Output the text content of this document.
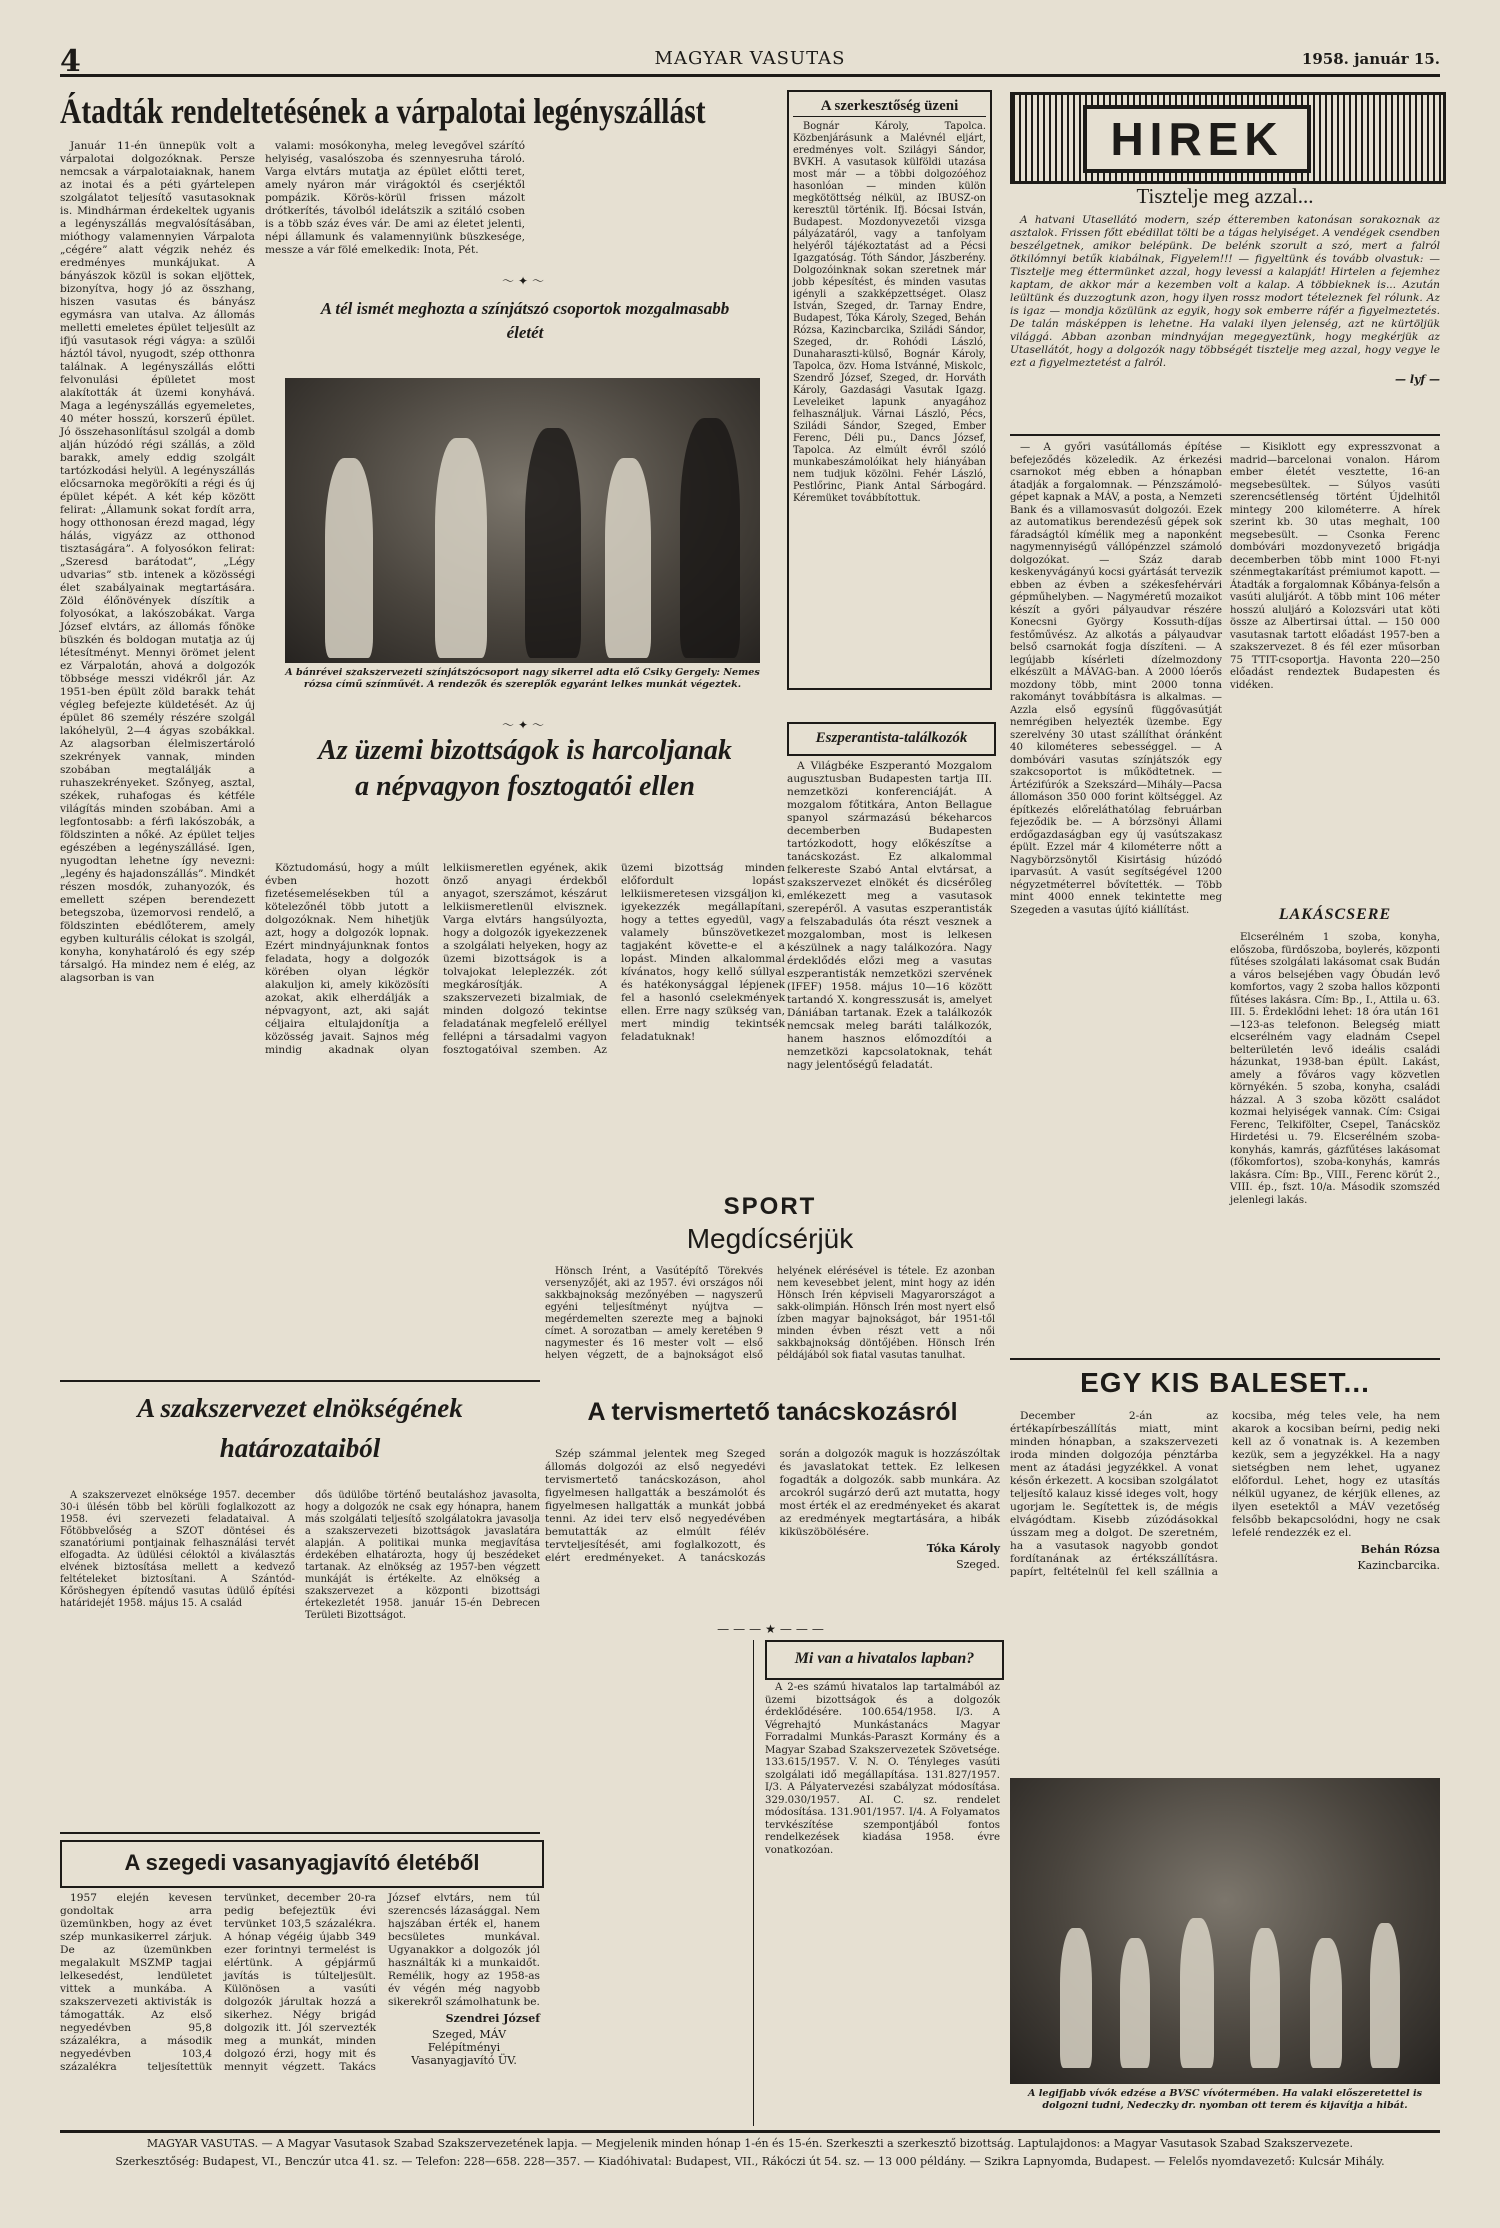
4	MAGYAR VASUTAS	1958. január 15.

Átadták rendeltetésének a várpalotai legényszállást

Január 11-én ünnepük volt a várpalotai dolgozóknak. Persze nemcsak a várpalotaiaknak, hanem az inotai és a péti gyártelepen szolgálatot teljesítő vasutasoknak is. Mindhárman érdekeltek ugyanis a legényszállás megvalósításában, mióthogy valamennyien Várpalota „cégére” alatt végzik nehéz és eredményes munkájukat. A bányászok közül is sokan eljöttek, bizonyítva, hogy jó az összhang, hiszen vasutas és bányász egymásra van utalva. Az állomás melletti emeletes épület teljesült az ifjú vasutasok régi vágya: a szülői háztól távol, nyugodt, szép otthonra találnak. A legényszállás előtti felvonulási épületet most alakították át üzemi konyhává. Maga a legényszállás egyemeletes, 40 méter hosszú, korszerű épület. Jó összehasonlításul szolgál a domb alján húzódó régi szállás, a zöld barakk, amely eddig szolgált tartózkodási helyül. A legényszállás előcsarnoka megörökíti a régi és új épület képét. A két kép között felirat: „Államunk sokat fordít arra, hogy otthonosan érezd magad, légy hálás, vigyázz az otthonod tisztaságára”. A folyosókon felirat: „Szeresd barátodat”, „Légy udvarias” stb. intenek a közösségi élet szabályainak megtartására. Zöld élőnövények díszítik a folyosókat, a lakószobákat. Varga József elvtárs, az állomás főnöke büszkén és boldogan mutatja az új létesítményt. Mennyi örömet jelent ez Várpalotán, ahová a dolgozók többsége messzi vidékről jár. Az 1951-ben épült zöld barakk tehát végleg befejezte küldetését. Az új épület 86 személy részére szolgál lakóhelyül, 2—4 ágyas szobákkal. Az alagsorban élelmiszertároló szekrények vannak, minden szobában megtalálják a ruhaszekrényeket. Szőnyeg, asztal, székek, ruhafogas és kétféle világítás minden szobában. Ami a legfontosabb: a férfi lakószobák, a földszinten a nőké. Az épület teljes egészében a legényszállásé. Igen, nyugodtan lehetne így nevezni: „legény és hajadonszállás”. Mindkét részen mosdók, zuhanyozók, és emellett szépen berendezett betegszoba, üzemorvosi rendelő, a földszinten ebédlőterem, amely egyben kulturális célokat is szolgál, konyha, konyhatároló és egy szép társalgó. Ha mindez nem é elég, az alagsorban is van

valami: mosókonyha, meleg levegővel szárító helyiség, vasalószoba és szennyesruha tároló. Varga elvtárs mutatja az épület előtti teret, amely nyáron már virágoktól és cserjéktől pompázik. Körös-körül frissen mázolt drótkerítés, távolból idelátszik a szitáló csoben is a több száz éves vár. De ami az életet jelenti, népi államunk és valamennyiünk büszkesége, messze a vár fölé emelkedik: Inota, Pét.

〜✦〜

A tél ismét meghozta a színjátszó csoportok mozgalmasabb életét

A bánrévei szakszervezeti színjátszócsoport nagy sikerrel adta elő Csiky Gergely: Nemes rózsa című színművét. A rendezők és szereplők egyaránt lelkes munkát végeztek.

〜✦〜

Az üzemi bizottságok is harcoljanak

a népvagyon fosztogatói ellen

Köztudomású, hogy a múlt évben hozott fizetésemelésekben túl a kötelezőnél több jutott a dolgozóknak. Nem hihetjük azt, hogy a dolgozók lopnak. Ezért mindnyájunknak fontos feladata, hogy a dolgozók körében olyan légkör alakuljon ki, amely kiközösíti azokat, akik elherdálják a népvagyont, azt, aki saját céljaira eltulajdonítja a közösség javait. Sajnos még mindig akadnak olyan lelkiismeretlen egyének, akik önző anyagi érdekből anyagot, szerszámot, készárut lelkiismeretlenül elvisznek. Varga elvtárs hangsúlyozta, hogy a dolgozók igyekezzenek a szolgálati helyeken, hogy az üzemi bizottságok is a tolvajokat leleplezzék. zót megkárosítják. A szakszervezeti bizalmiak, de minden dolgozó tekintse feladatának megfelelő eréllyel fellépni a társadalmi vagyon fosztogatóival szemben. Az üzemi bizottság minden előfordult lopást lelkiismeretesen vizsgáljon ki, igyekezzék megállapítani, hogy a tettes egyedül, vagy valamely bűnszövetkezet tagjaként követte-e el a lopást. Minden alkalommal kívánatos, hogy kellő súllyal és hatékonysággal lépjenek fel a hasonló cselekmények ellen. Erre nagy szükség van, mert mindig tekintsék feladatuknak!

A szerkesztőség üzeni

Bognár Károly, Tapolca. Közbenjárásunk a Malévnél eljárt, eredményes volt. Szilágyi Sándor, BVKH. A vasutasok külföldi utazása most már — a többi dolgozóéhoz hasonlóan — minden külön megkötöttség nélkül, az IBUSZ-on keresztül történik. Ifj. Bócsai István, Budapest. Mozdonyvezetői vizsga pályázatáról, vagy a tanfolyam helyéről tájékoztatást ad a Pécsi Igazgatóság. Tóth Sándor, Jászberény. Dolgozóinknak sokan szeretnek már jobb képesítést, és minden vasutas igényli a szakképzettséget. Olasz István, Szeged, dr. Tarnay Endre, Budapest, Tóka Károly, Szeged, Behán Rózsa, Kazincbarcika, Sziládi Sándor, Szeged, dr. Rohódi László, Dunaharaszti-külső, Bognár Károly, Tapolca, özv. Homa Istvánné, Miskolc, Szendrő József, Szeged, dr. Horváth Károly, Gazdasági Vasutak Igazg. Leveleiket lapunk anyagához felhasználjuk. Várnai László, Pécs, Sziládi Sándor, Szeged, Ember Ferenc, Déli pu., Dancs József, Tapolca. Az elmúlt évről szóló munkabeszámolóikat hely hiányában nem tudjuk közölni. Fehér László, Pestlőrinc, Piank Antal Sárbogárd. Kéremüket továbbítottuk.

Eszperantista-találkozók

A Világbéke Eszperantó Mozgalom augusztusban Budapesten tartja III. nemzetközi konferenciáját. A mozgalom főtitkára, Anton Bellague spanyol származású békeharcos decemberben Budapesten tartózkodott, hogy előkészítse a tanácskozást. Ez alkalommal felkereste Szabó Antal elvtársat, a szakszervezet elnökét és dicsérőleg emlékezett meg a vasutasok szerepéről. A vasutas eszperantisták a felszabadulás óta részt vesznek a mozgalomban, most is lelkesen készülnek a nagy találkozóra. Nagy érdeklődés előzi meg a vasutas eszperantisták nemzetközi szervének (IFEF) 1958. május 10—16 között tartandó X. kongresszusát is, amelyet Dániában tartanak. Ezek a találkozók nemcsak meleg baráti találkozók, hanem hasznos előmozdítói a nemzetközi kapcsolatoknak, tehát nagy jelentőségű feladatát.

SPORT

Megdícsérjük

Hönsch Irént, a Vasútépítő Törekvés versenyzőjét, aki az 1957. évi országos női sakkbajnokság mezőnyében — nagyszerű egyéni teljesítményt nyújtva — megérdemelten szerezte meg a bajnoki címet. A sorozatban — amely keretében 9 nagymester és 16 mester volt — első helyen végzett, de a bajnokságot első helyének elérésével is tétele. Ez azonban nem kevesebbet jelent, mint hogy az idén Hönsch Irén képviseli Magyarországot a sakk-olimpián. Hönsch Irén most nyert első ízben magyar bajnokságot, bár 1951-től minden évben részt vett a női sakkbajnokság döntőjében. Hönsch Irén példájából sok fiatal vasutas tanulhat.

HIREK

Tisztelje meg azzal...

A hatvani Utasellátó modern, szép étteremben katonásan sorakoznak az asztalok. Frissen főtt ebédillat tölti be a tágas helyiséget. A vendégek csendben beszélgetnek, amikor belépünk. De belénk szorult a szó, mert a falról ötkilómnyi betűk kiabálnak, Figyelem!!! — figyeltünk és tovább olvastuk: — Tisztelje meg éttermünket azzal, hogy levessi a kalapját! Hirtelen a fejemhez kaptam, de akkor már a kezemben volt a kalap. A többieknek is... Azután leültünk és duzzogtunk azon, hogy ilyen rossz modort tételeznek fel rólunk. Az is igaz — mondja közülünk az egyik, hogy sok emberre ráfér a figyelmeztetés. De talán másképpen is lehetne. Ha valaki ilyen jelenség, azt ne kürtöljük világgá. Abban azonban mindnyájan megegyeztünk, hogy megkérjük az Utasellátót, hogy a dolgozók nagy többségét tisztelje meg azzal, hogy vegye le ezt a figyelmeztetést a falról.

— lyf —

— A győri vasútállomás építése befejeződés közeledik. Az érkezési csarnokot még ebben a hónapban átadják a forgalomnak. — Pénzszámoló-gépet kapnak a MÁV, a posta, a Nemzeti Bank és a villamosvasút dolgozói. Ezek az automatikus berendezésű gépek sok fáradságtól kímélik meg a naponként nagymennyiségű vállópénzzel számoló dolgozókat. — Száz darab keskenyvágányú kocsi gyártását tervezik ebben az évben a székesfehérvári gépműhelyben. — Nagyméretű mozaikot készít a győri pályaudvar részére Konecsni György Kossuth-díjas festőművész. Az alkotás a pályaudvar belső csarnokát fogja díszíteni. — A legújabb kísérleti dízelmozdony elkészült a MÁVAG-ban. A 2000 lóerős mozdony több, mint 2000 tonna rakományt továbbításra is alkalmas. — Azzla első egysínű függővasútját nemrégiben helyezték üzembe. Egy szerelvény 30 utast szállíthat óránként 40 kilométeres sebességgel. — A dombóvári vasutas színjátszók egy szakcsoportot is működtetnek. — Ártézifúrók a Szekszárd—Mihály—Pacsa állomáson 350 000 forint költséggel. Az építkezés előreláthatólag februárban fejeződik be. — A bórzsönyi Állami erdőgazdaságban egy új vasútszakasz épült. Ezzel már 4 kilométerre nőtt a Nagybörzsönytől Kisirtásig húzódó iparvasút. A vasút segítségével 1200 négyzetméterrel bővítették. — Több mint 4000 ennek tekintette meg Szegeden a vasutas újító kiállítást.

— Kisiklott egy expresszvonat a madrid—barcelonai vonalon. Három ember életét vesztette, 16-an megsebesültek. — Súlyos vasúti szerencsétlenség történt Újdelhitől mintegy 200 kilométerre. A hírek szerint kb. 30 utas meghalt, 100 megsebesült. — Csonka Ferenc dombóvári mozdonyvezető brigádja decemberben több mint 1000 Ft-nyi szénmegtakarítást prémiumot kapott. — Átadták a forgalomnak Kőbánya-felsőn a vasúti aluljárót. A több mint 106 méter hosszú aluljáró a Kolozsvári utat köti össze az Albertirsai úttal. — 150 000 vasutasnak tartott előadást 1957-ben a szakszervezet. 8 és fél ezer műsorban 75 TTIT-csoportja. Havonta 220—250 előadást rendeztek Budapesten és vidéken.

LAKÁSCSERE

Elcserélném 1 szoba, konyha, előszoba, fürdőszoba, boylerés, központi fűtéses szolgálati lakásomat csak Budán a város belsejében vagy Óbudán levő komfortos, vagy 2 szoba hallos központi fűtéses lakásra. Cím: Bp., I., Attila u. 63. III. 5. Érdeklődni lehet: 18 óra után 161—123-as telefonon. Belegség miatt elcserélném vagy eladnám Csepel belterületén levő ideális családi házunkat, 1938-ban épült. Lakást, amely a főváros vagy közvetlen környékén. 5 szoba, konyha, családi házzal. A 3 szoba között családot kozmai helyiségek vannak. Cím: Csigai Ferenc, Telkifölter, Csepel, Tanácsköz Hirdetési u. 79. Elcserélném szoba-konyhás, kamrás, gázfűtéses lakásomat (főkomfortos), szoba-konyhás, kamrás lakásra. Cím: Bp., VIII., Ferenc körút 2., VIII. ép., fszt. 10/a. Második szomszéd jelenlegi lakás.

EGY KIS BALESET...

December 2-án az értékapírbeszállítás miatt, mint minden hónapban, a szakszervezeti iroda minden dolgozója pénztárba ment az átadási jegyzékkel. A vonat későn érkezett. A kocsiban szolgálatot teljesítő kalauz kissé ideges volt, hogy ugorjam le. Segítettek is, de mégis elvágódtam. Kisebb zúzódásokkal ússzam meg a dolgot. De szeretném, ha a vasutasok nagyobb gondot fordítanának az értékszállításra. papírt, feltételnül fel kell szállnia a kocsiba, még teles vele, ha nem akarok a kocsiban beírni, pedig neki kell az ő vonatnak is. A kezemben kezük, sem a jegyzékkel. Ha a nagy sietségben nem lehet, ugyanez előfordul. Lehet, hogy ez utasítás nélkül ugyanez, de kérjük ellenes, az ilyen esetektől a MÁV vezetőség felsőbb bekapcsolódni, hogy ne csak lefelé rendezzék ez el.

Behán Rózsa

Kazincbarcika.

A legifjabb vívók edzése a BVSC vívótermében. Ha valaki előszeretettel is dolgozni tudni, Nedeczky dr. nyomban ott terem és kijavítja a hibát.

A szakszervezet elnökségének

határozataiból

A szakszervezet elnöksége 1957. december 30-i ülésén több bel körüli foglalkozott az 1958. évi szervezeti feladataival. A Főtöbbvelőség a SZOT döntései és szanatóriumi pontjainak felhasználási tervét elfogadta. Az üdülési céloktól a kiválasztás elvének biztosítása mellett a kedvező feltételeket biztosítani. A Szántód-Kőröshegyen építendő vasutas üdülő építési határidejét 1958. május 15. A család

dős üdülőbe történő beutaláshoz javasolta, hogy a dolgozók ne csak egy hónapra, hanem más szolgálati teljesítő szolgálatokra javasolja a szakszervezeti bizottságok javaslatára alapján. A politikai munka megjavítása érdekében elhatározta, hogy új beszédeket tartanak. Az elnökség az 1957-ben végzett munkáját is értékelte. Az elnökség a szakszervezet a központi bizottsági értekezletét 1958. január 15-én Debrecen Területi Bizottságot.

A szegedi vasanyagjavító életéből

1957 elején kevesen gondoltak arra üzemünkben, hogy az évet szép munkasikerrel zárjuk. De az üzemünkben megalakult MSZMP tagjai lelkesedést, lendületet vittek a munkába. A szakszervezeti aktivisták is támogatták. Az első negyedévben 95,8 százalékra, a második negyedévben 103,4 százalékra teljesítettük tervünket, december 20-ra pedig befejeztük évi tervünket 103,5 százalékra. A hónap végéig újabb 349 ezer forintnyi termelést is elértünk. A gépjármű javítás is túlteljesült. Különösen a vasúti dolgozók járultak hozzá a sikerhez. Négy brigád dolgozik itt. Jól szervezték meg a munkát, minden dolgozó érzi, hogy mit és mennyit végzett. Takács József elvtárs, nem túl szerencsés lázasággal. Nem hajszában érték el, hanem becsületes munkával. Ugyanakkor a dolgozók jól használták ki a munkaidőt. Remélik, hogy az 1958-as év végén még nagyobb sikerekről számolhatunk be.

Szendrei József

Szeged, MÁV Felépítményi Vasanyagjavító ÜV.

A tervismertető tanácskozásról

Szép számmal jelentek meg Szeged állomás dolgozói az első negyedévi tervismertető tanácskozáson, ahol figyelmesen hallgatták a beszámolót és figyelmesen hallgatták a munkát jobbá tenni. Az idei terv első negyedévében bemutatták az elmúlt félév tervteljesítését, ami foglalkozott, és elért eredményeket. A tanácskozás során a dolgozók maguk is hozzászóltak és javaslatokat tettek. Ez lelkesen fogadták a dolgozók. sabb munkára. Az arcokról sugárzó derű azt mutatta, hogy most érték el az eredményeket és akarat az eredmények megtartására, a hibák kiküszöbölésére.

Tóka Károly

Szeged.

———★———

Mi van a hivatalos lapban?

A 2-es számú hivatalos lap tartalmából az üzemi bizottságok és a dolgozók érdeklődésére. 100.654/1958. I/3. A Végrehajtó Munkástanács Magyar Forradalmi Munkás-Paraszt Kormány és a Magyar Szabad Szakszervezetek Szövetsége. 133.615/1957. V. N. O. Tényleges vasúti szolgálati idő megállapítása. 131.827/1957. I/3. A Pályatervezési szabályzat módosítása. 329.030/1957. AI. C. sz. rendelet módosítása. 131.901/1957. I/4. A Folyamatos tervkészítése szempontjából fontos rendelkezések kiadása 1958. évre vonatkozóan.

MAGYAR VASUTAS. — A Magyar Vasutasok Szabad Szakszervezetének lapja. — Megjelenik minden hónap 1-én és 15-én. Szerkeszti a szerkesztő bizottság. Laptulajdonos: a Magyar Vasutasok Szabad Szakszervezete.

Szerkesztőség: Budapest, VI., Benczúr utca 41. sz. — Telefon: 228—658. 228—357. — Kiadóhivatal: Budapest, VII., Rákóczi út 54. sz. — 13 000 példány. — Szikra Lapnyomda, Budapest. — Felelős nyomdavezető: Kulcsár Mihály.
